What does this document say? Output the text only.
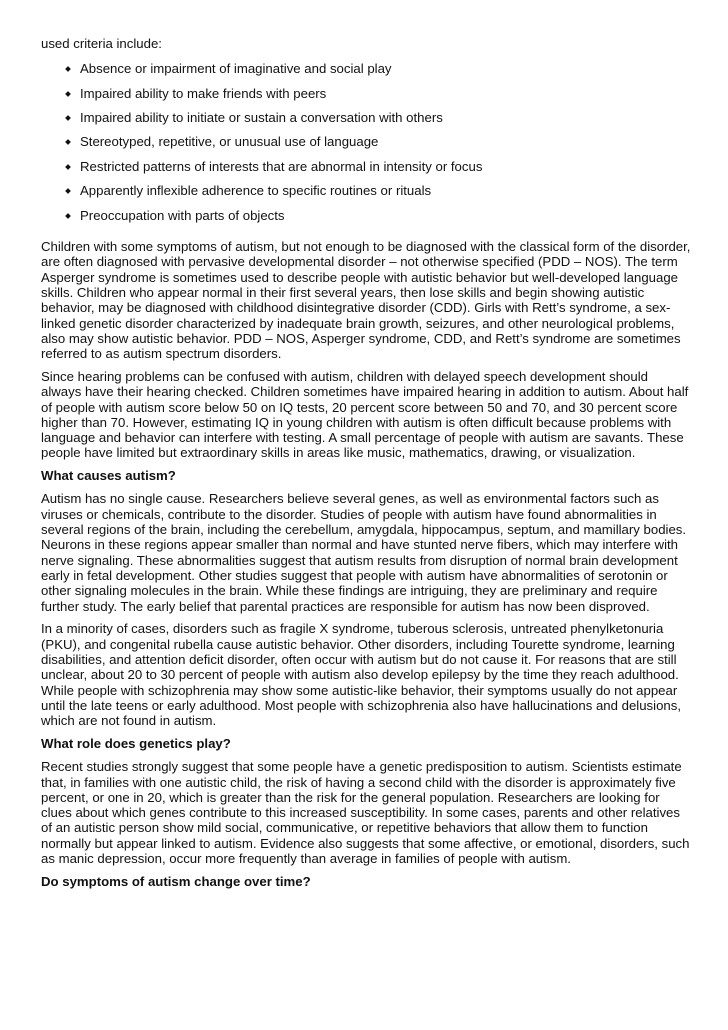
used criteria include:

Absence or impairment of imaginative and social play
Impaired ability to make friends with peers
Impaired ability to initiate or sustain a conversation with others
Stereotyped, repetitive, or unusual use of language
Restricted patterns of interests that are abnormal in intensity or focus
Apparently inflexible adherence to specific routines or rituals
Preoccupation with parts of objects

Children with some symptoms of autism, but not enough to be diagnosed with the classical form of the disorder, are often diagnosed with pervasive developmental disorder – not otherwise specified (PDD – NOS). The term Asperger syndrome is sometimes used to describe people with autistic behavior but well-developed language skills. Children who appear normal in their first several years, then lose skills and begin showing autistic behavior, may be diagnosed with childhood disintegrative disorder (CDD). Girls with Rett’s syndrome, a sex-linked genetic disorder characterized by inadequate brain growth, seizures, and other neurological problems, also may show autistic behavior. PDD – NOS, Asperger syndrome, CDD, and Rett’s syndrome are sometimes referred to as autism spectrum disorders.

Since hearing problems can be confused with autism, children with delayed speech development should always have their hearing checked. Children sometimes have impaired hearing in addition to autism. About half of people with autism score below 50 on IQ tests, 20 percent score between 50 and 70, and 30 percent score higher than 70. However, estimating IQ in young children with autism is often difficult because problems with language and behavior can interfere with testing. A small percentage of people with autism are savants. These people have limited but extraordinary skills in areas like music, mathematics, drawing, or visualization.

What causes autism?

Autism has no single cause. Researchers believe several genes, as well as environmental factors such as viruses or chemicals, contribute to the disorder. Studies of people with autism have found abnormalities in several regions of the brain, including the cerebellum, amygdala, hippocampus, septum, and mamillary bodies. Neurons in these regions appear smaller than normal and have stunted nerve fibers, which may interfere with nerve signaling. These abnormalities suggest that autism results from disruption of normal brain development early in fetal development. Other studies suggest that people with autism have abnormalities of serotonin or other signaling molecules in the brain. While these findings are intriguing, they are preliminary and require further study. The early belief that parental practices are responsible for autism has now been disproved.

In a minority of cases, disorders such as fragile X syndrome, tuberous sclerosis, untreated phenylketonuria (PKU), and congenital rubella cause autistic behavior. Other disorders, including Tourette syndrome, learning disabilities, and attention deficit disorder, often occur with autism but do not cause it. For reasons that are still unclear, about 20 to 30 percent of people with autism also develop epilepsy by the time they reach adulthood. While people with schizophrenia may show some autistic-like behavior, their symptoms usually do not appear until the late teens or early adulthood. Most people with schizophrenia also have hallucinations and delusions, which are not found in autism.

What role does genetics play?

Recent studies strongly suggest that some people have a genetic predisposition to autism. Scientists estimate that, in families with one autistic child, the risk of having a second child with the disorder is approximately five percent, or one in 20, which is greater than the risk for the general population. Researchers are looking for clues about which genes contribute to this increased susceptibility. In some cases, parents and other relatives of an autistic person show mild social, communicative, or repetitive behaviors that allow them to function normally but appear linked to autism. Evidence also suggests that some affective, or emotional, disorders, such as manic depression, occur more frequently than average in families of people with autism.

Do symptoms of autism change over time?
